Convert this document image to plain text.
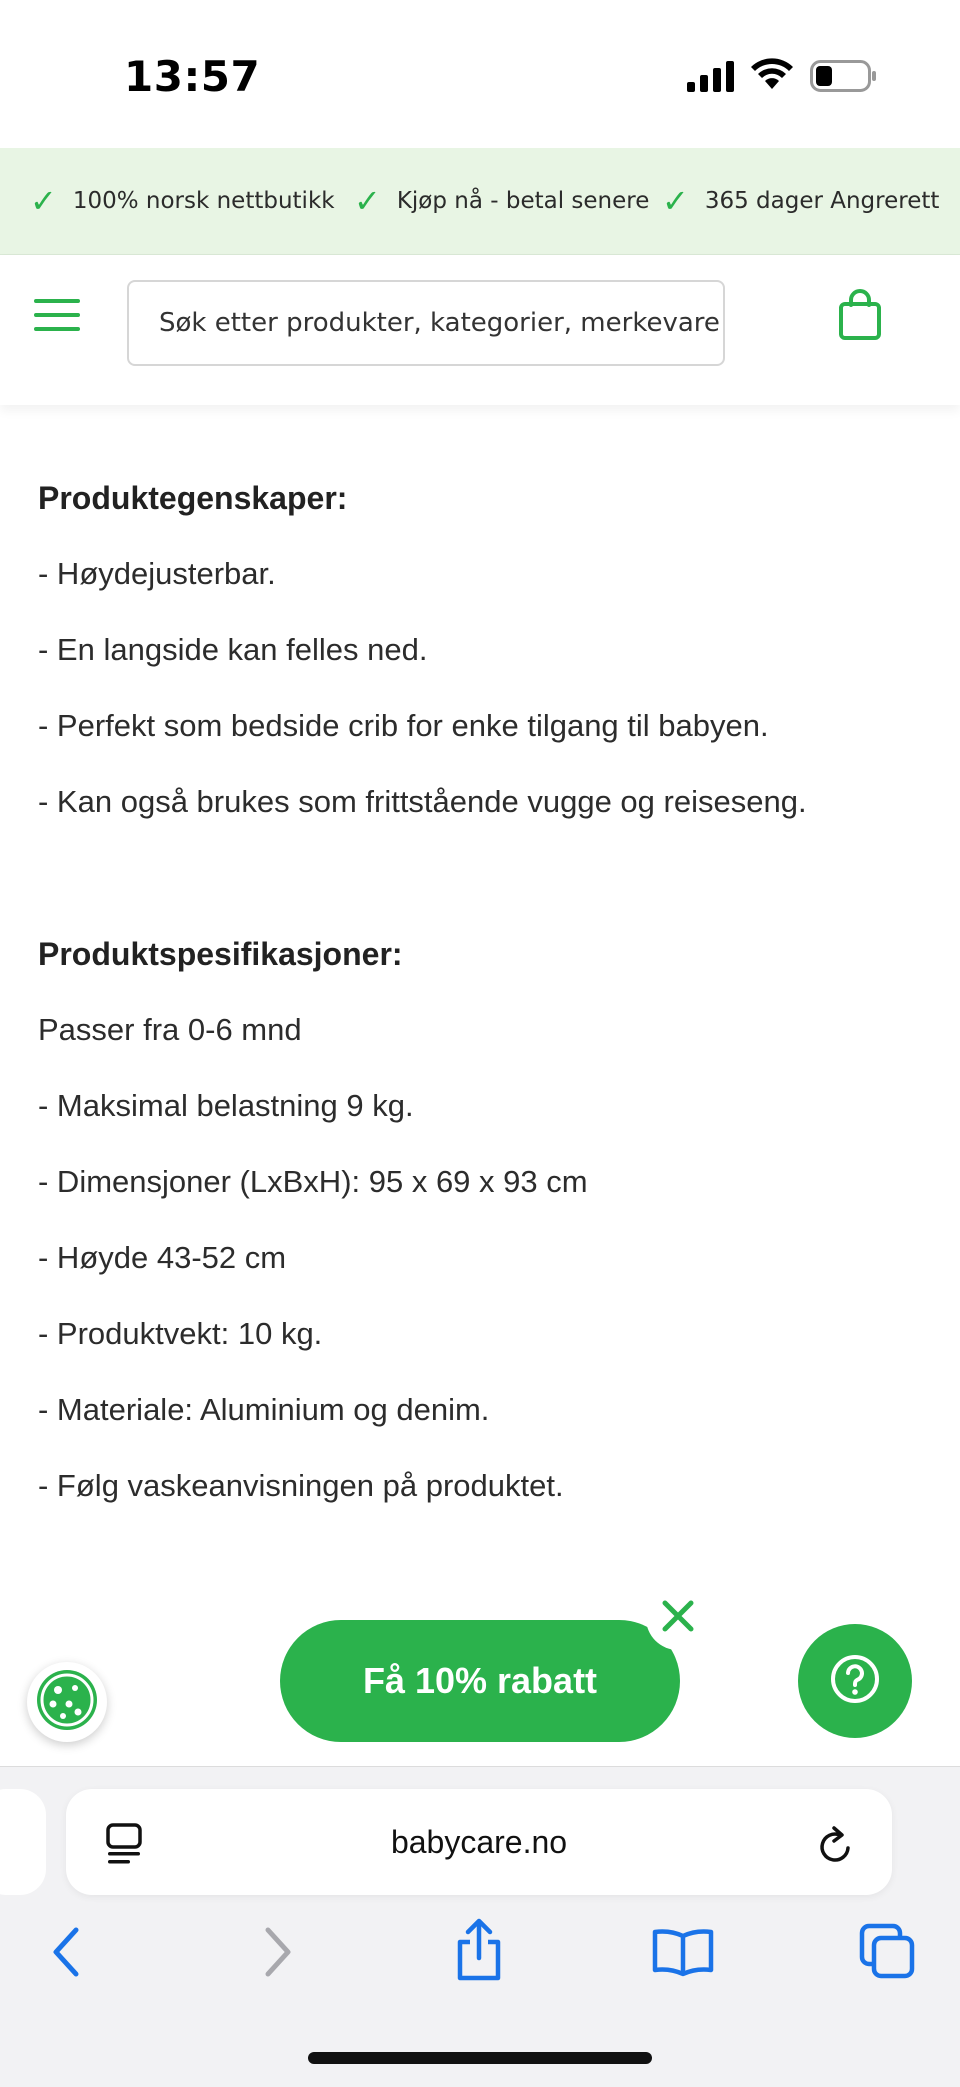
13:57
✓ 100% norsk nettbutikk ✓ Kjøp nå - betal senere ✓ 365 dager Angrerett
Søk etter produkter, kategorier, merkevarer

Produktegenskaper:

- Høydejusterbar.

- En langside kan felles ned.

- Perfekt som bedside crib for enke tilgang til babyen.

- Kan også brukes som frittstående vugge og reiseseng.

Produktspesifikasjoner:

Passer fra 0-6 mnd

- Maksimal belastning 9 kg.

- Dimensjoner (LxBxH): 95 x 69 x 93 cm

- Høyde 43-52 cm

- Produktvekt: 10 kg.

- Materiale: Aluminium og denim.

- Følg vaskeanvisningen på produktet.

Få 10% rabatt
babycare.no
